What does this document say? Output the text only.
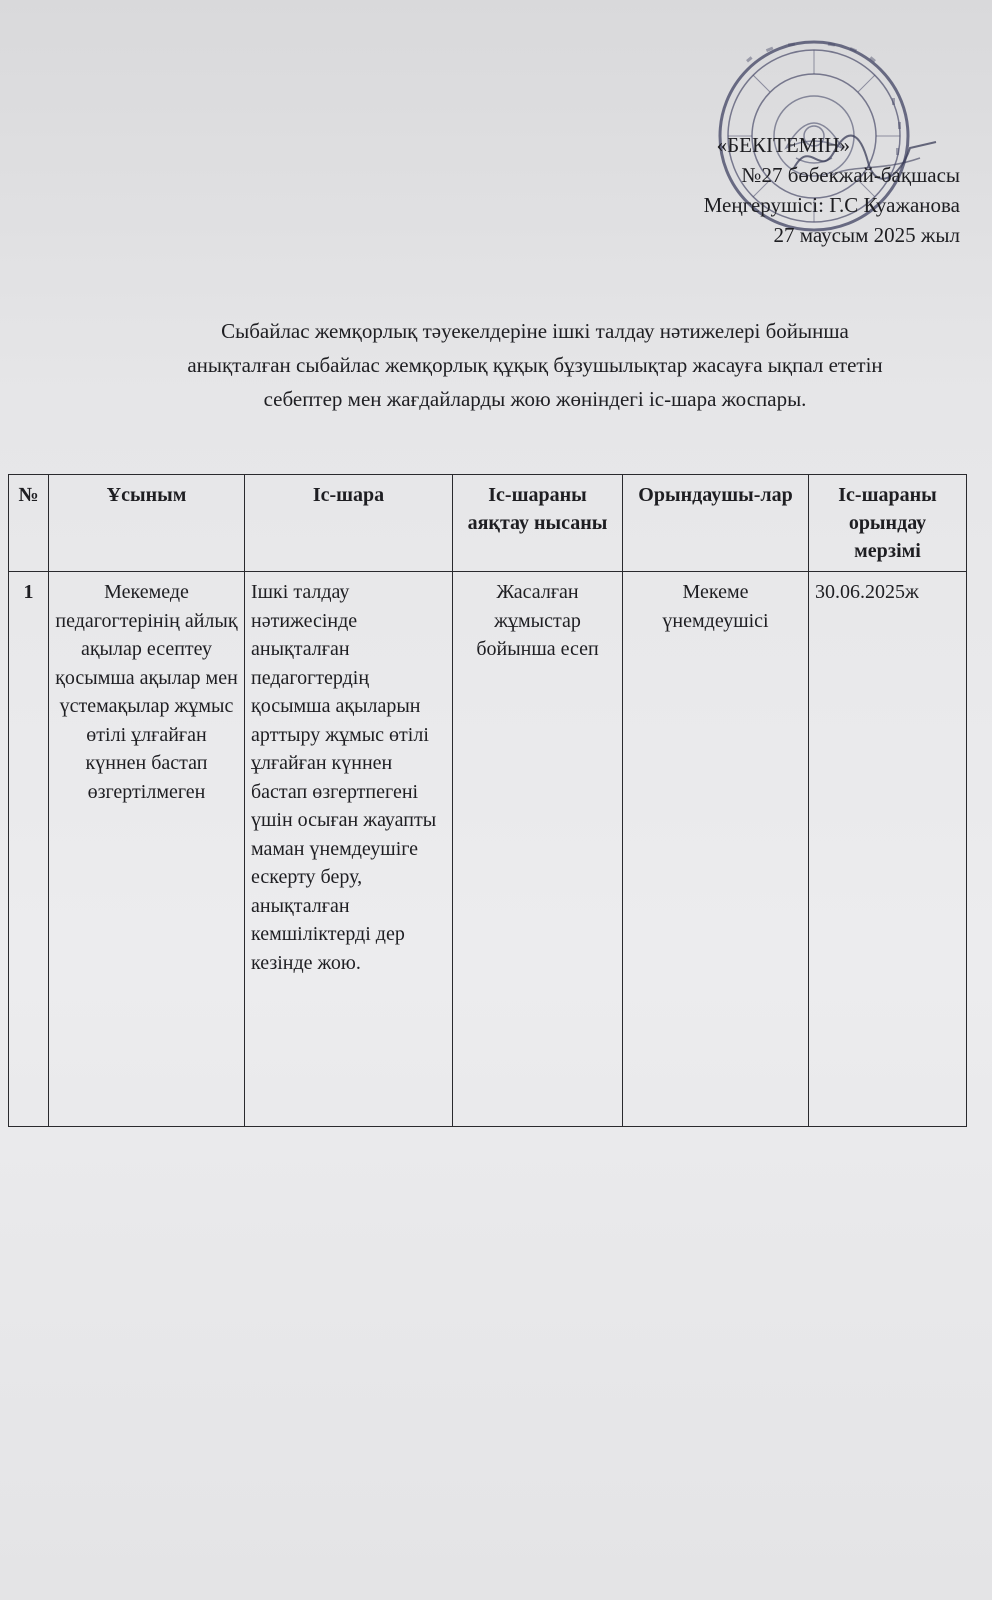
«БЕКІТЕМІН»
№27 бөбекжай-бақшасы
Меңгерушісі: Г.С Куажанова
27 маусым 2025 жыл
Сыбайлас жемқорлық тәуекелдеріне ішкі талдау нәтижелері бойынша
анықталған сыбайлас жемқорлық құқық бұзушылықтар жасауға ықпал ететін
себептер мен жағдайларды жою жөніндегі іс-шара жоспары.
№	Ұсыным	Іс-шара	Іс-шараны аяқтау нысаны	Орындаушы-лар	Іс-шараны орындау мерзімі
1	Мекемеде педагогтерінің айлық ақылар есептеу қосымша ақылар мен үстемақылар жұмыс өтілі ұлғайған күннен бастап өзгертілмеген	Ішкі талдау нәтижесінде анықталған педагогтердің қосымша ақыларын арттыру жұмыс өтілі ұлғайған күннен бастап өзгертпегені үшін осыған жауапты маман үнемдеушіге ескерту беру, анықталған кемшіліктерді дер кезінде жою.	Жасалған жұмыстар бойынша есеп	Мекеме үнемдеушісі	30.06.2025ж
